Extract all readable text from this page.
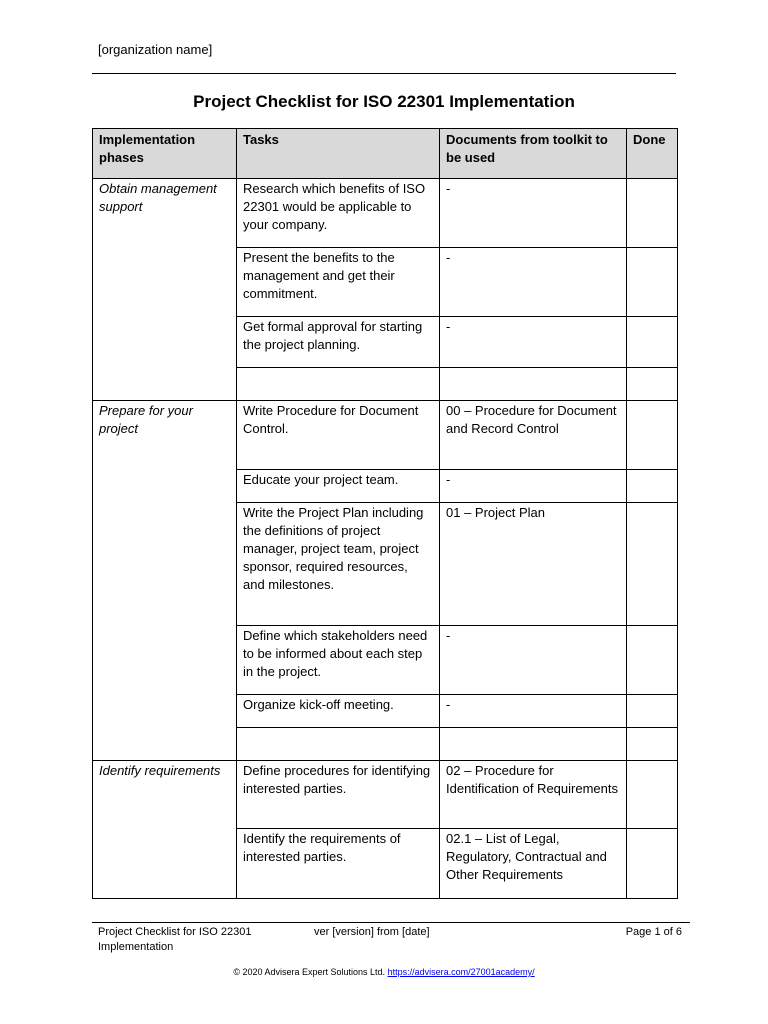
[organization name]
Project Checklist for ISO 22301 Implementation
Implementation phases	Tasks	Documents from toolkit to be used	Done
Obtain management support	Research which benefits of ISO 22301 would be applicable to your company.	-	
	Present the benefits to the management and get their commitment.	-	
	Get formal approval for starting the project planning.	-	

Prepare for your project	Write Procedure for Document Control.	00 – Procedure for Document and Record Control	
	Educate your project team.	-	
	Write the Project Plan including the definitions of project manager, project team, project sponsor, required resources, and milestones.	01 – Project Plan	
	Define which stakeholders need to be informed about each step in the project.	-	
	Organize kick-off meeting.	-	

Identify requirements	Define procedures for identifying interested parties.	02 – Procedure for Identification of Requirements	
	Identify the requirements of interested parties.	02.1 – List of Legal, Regulatory, Contractual and Other Requirements	
Project Checklist for ISO 22301 Implementation
ver [version] from [date]	Page 1 of 6
© 2020 Advisera Expert Solutions Ltd. https://advisera.com/27001academy/
